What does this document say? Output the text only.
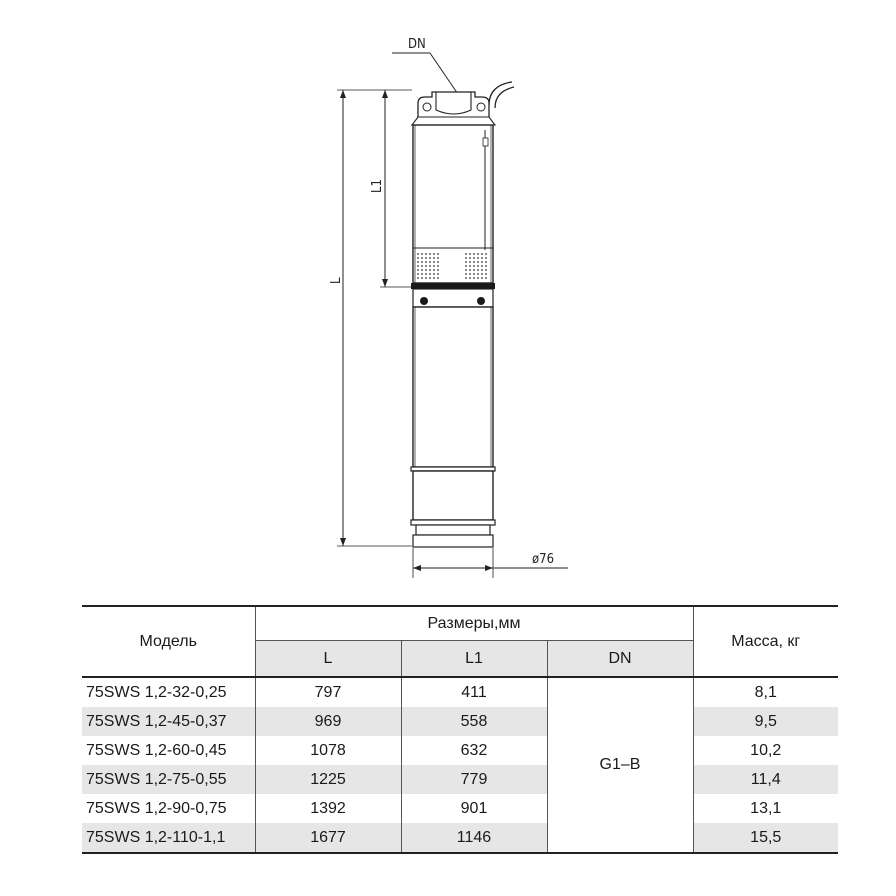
DN
L
L1
ø76
Модель	Размеры,мм			Масса, кг
	L	L1	DN	
75SWS 1,2-32-0,25	797	411	G1–B	8,1
75SWS 1,2-45-0,37	969	558		9,5
75SWS 1,2-60-0,45	1078	632		10,2
75SWS 1,2-75-0,55	1225	779		11,4
75SWS 1,2-90-0,75	1392	901		13,1
75SWS 1,2-110-1,1	1677	1146		15,5
